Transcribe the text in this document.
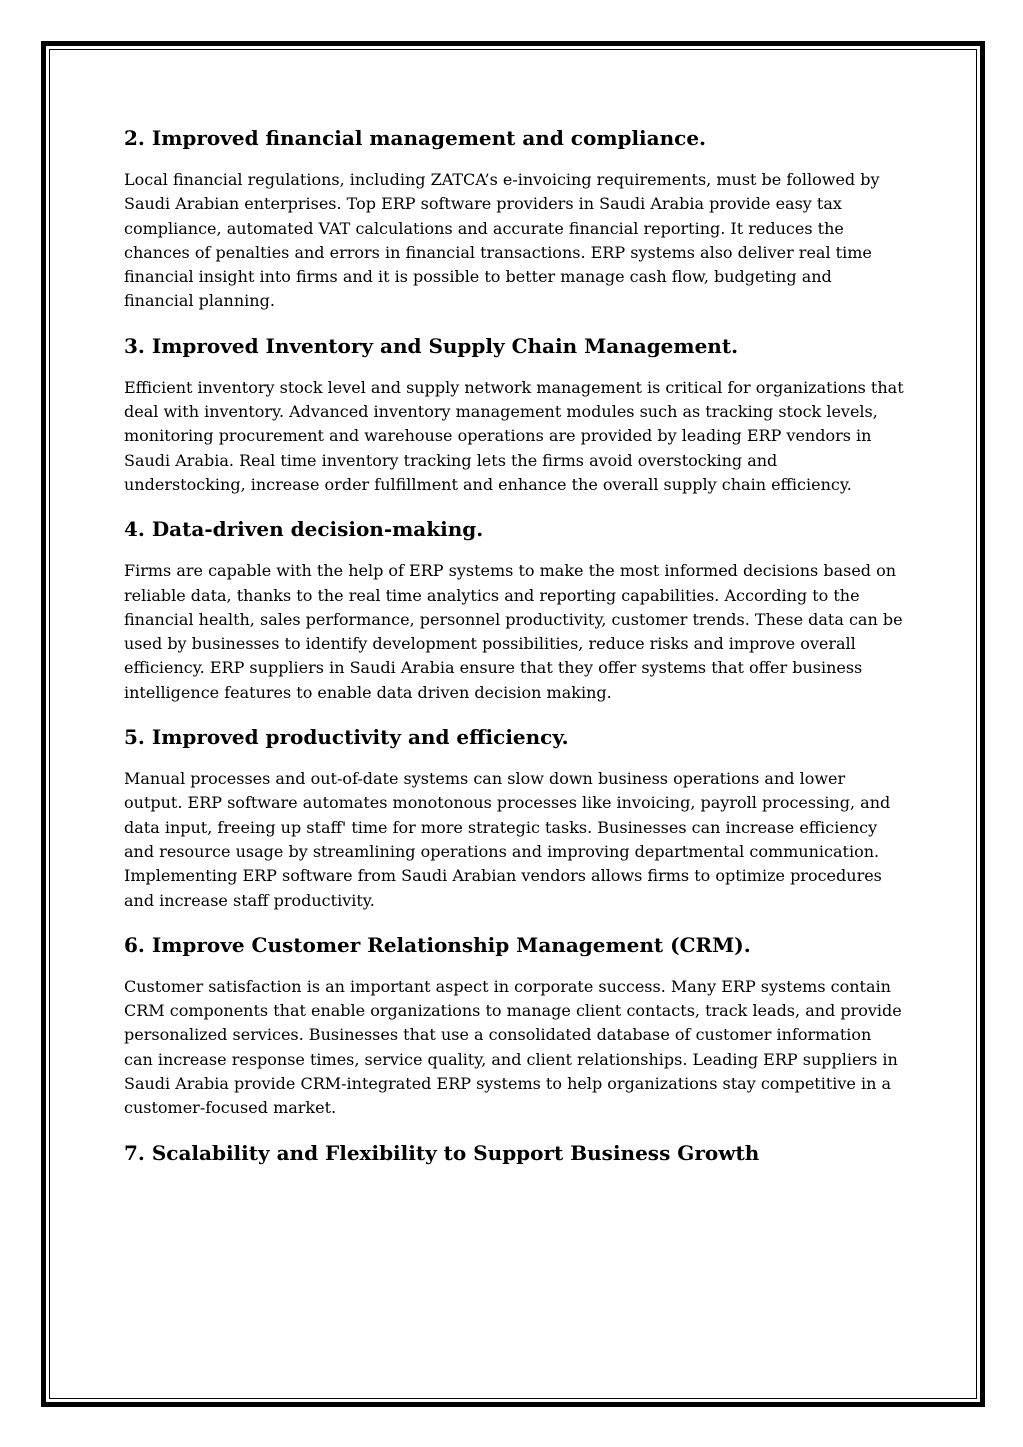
2. Improved financial management and compliance.

Local financial regulations, including ZATCA’s e-invoicing requirements, must be followed by Saudi Arabian enterprises. Top ERP software providers in Saudi Arabia provide easy tax compliance, automated VAT calculations and accurate financial reporting. It reduces the chances of penalties and errors in financial transactions. ERP systems also deliver real time financial insight into firms and it is possible to better manage cash flow, budgeting and financial planning.

3. Improved Inventory and Supply Chain Management.

Efficient inventory stock level and supply network management is critical for organizations that deal with inventory. Advanced inventory management modules such as tracking stock levels, monitoring procurement and warehouse operations are provided by leading ERP vendors in Saudi Arabia. Real time inventory tracking lets the firms avoid overstocking and understocking, increase order fulfillment and enhance the overall supply chain efficiency.

4. Data-driven decision-making.

Firms are capable with the help of ERP systems to make the most informed decisions based on reliable data, thanks to the real time analytics and reporting capabilities. According to the financial health, sales performance, personnel productivity, customer trends. These data can be used by businesses to identify development possibilities, reduce risks and improve overall efficiency. ERP suppliers in Saudi Arabia ensure that they offer systems that offer business intelligence features to enable data driven decision making.

5. Improved productivity and efficiency.

Manual processes and out-of-date systems can slow down business operations and lower output. ERP software automates monotonous processes like invoicing, payroll processing, and data input, freeing up staff' time for more strategic tasks. Businesses can increase efficiency and resource usage by streamlining operations and improving departmental communication. Implementing ERP software from Saudi Arabian vendors allows firms to optimize procedures and increase staff productivity.

6. Improve Customer Relationship Management (CRM).

Customer satisfaction is an important aspect in corporate success. Many ERP systems contain CRM components that enable organizations to manage client contacts, track leads, and provide personalized services. Businesses that use a consolidated database of customer information can increase response times, service quality, and client relationships. Leading ERP suppliers in Saudi Arabia provide CRM-integrated ERP systems to help organizations stay competitive in a customer-focused market.

7. Scalability and Flexibility to Support Business Growth
